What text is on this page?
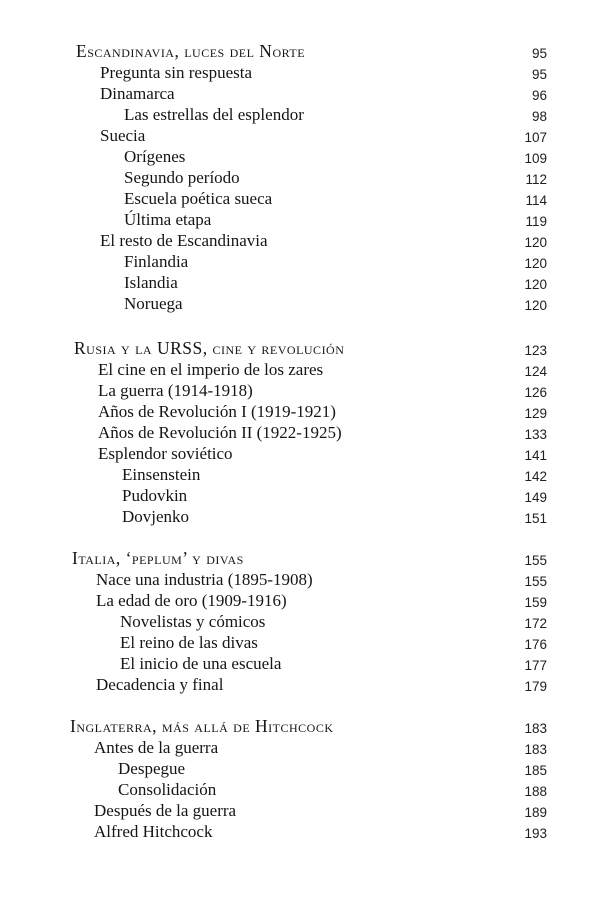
Escandinavia, luces del Norte	95
Pregunta sin respuesta	95
Dinamarca	96
Las estrellas del esplendor	98
Suecia	107
Orígenes	109
Segundo período	112
Escuela poética sueca	114
Última etapa	119
El resto de Escandinavia	120
Finlandia	120
Islandia	120
Noruega	120
Rusia y la URSS, cine y revolución	123
El cine en el imperio de los zares	124
La guerra (1914-1918)	126
Años de Revolución I (1919-1921)	129
Años de Revolución II (1922-1925)	133
Esplendor soviético	141
Einsenstein	142
Pudovkin	149
Dovjenko	151
Italia, ‘peplum’ y divas	155
Nace una industria (1895-1908)	155
La edad de oro (1909-1916)	159
Novelistas y cómicos	172
El reino de las divas	176
El inicio de una escuela	177
Decadencia y final	179
Inglaterra, más allá de Hitchcock	183
Antes de la guerra	183
Despegue	185
Consolidación	188
Después de la guerra	189
Alfred Hitchcock	193
